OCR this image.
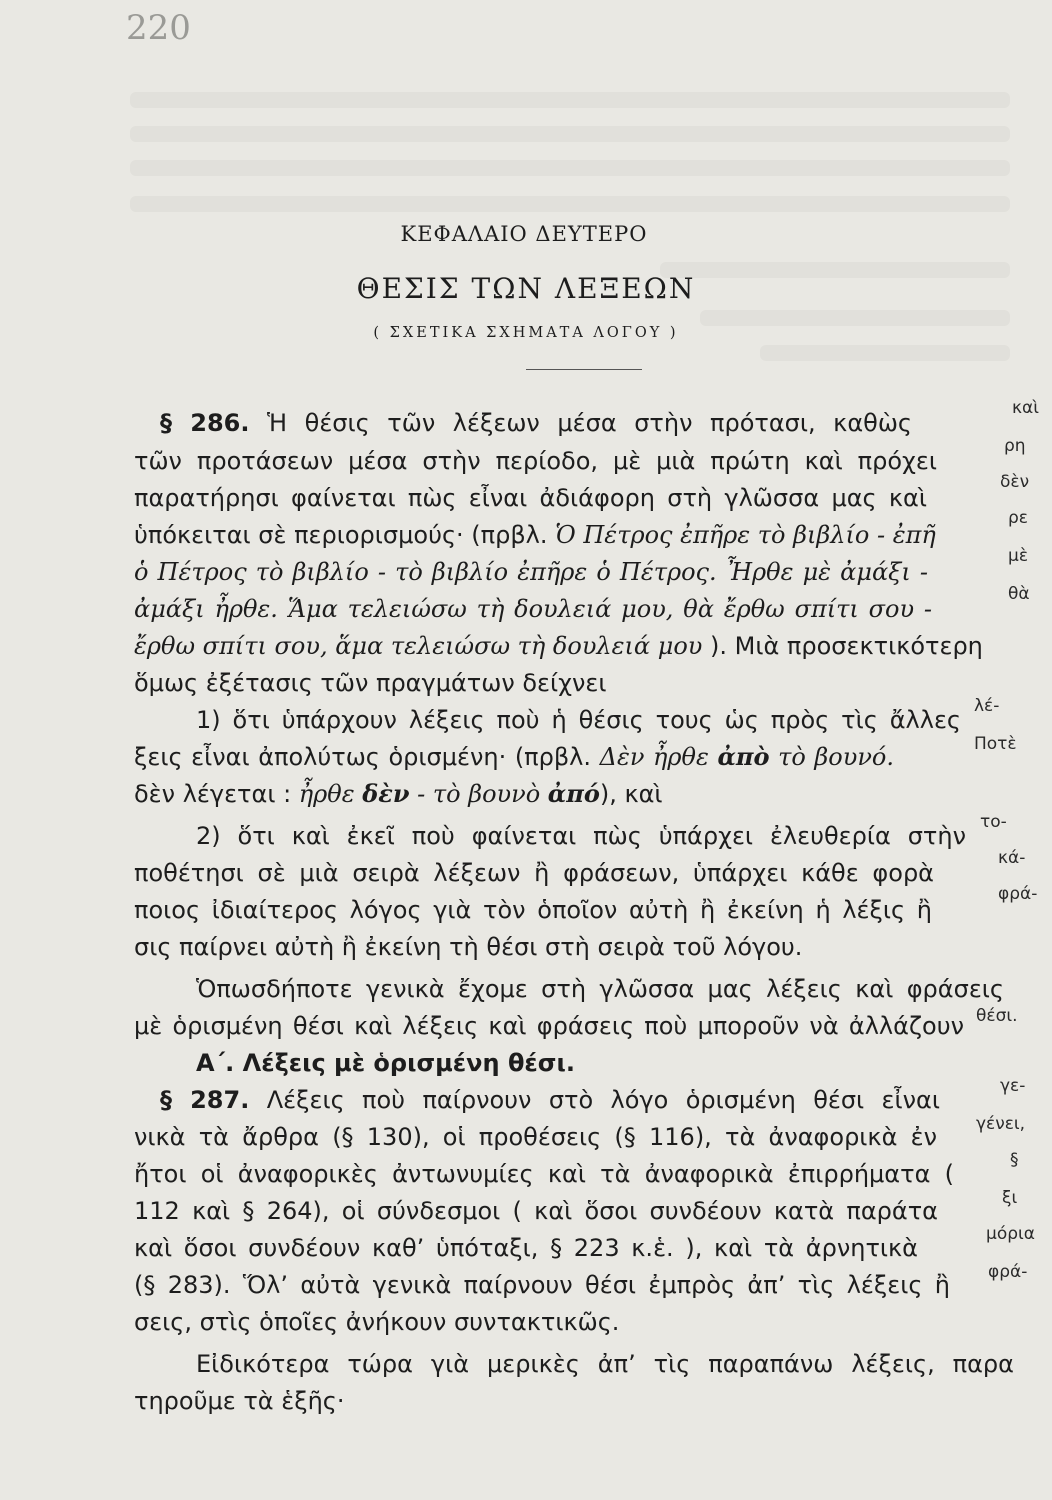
220
ΚΕΦΑΛΑΙΟ ΔΕΥΤΕΡΟ
ΘΕΣΙΣ ΤΩΝ ΛΕΞΕΩΝ
( ΣΧΕΤΙΚΑ ΣΧΗΜΑΤΑ ΛΟΓΟΥ )
§ 286. Ἡ θέσις τῶν λέξεων μέσα στὴν πρότασι, καθὼς
τῶν προτάσεων μέσα στὴν περίοδο, μὲ μιὰ πρώτη καὶ πρόχει
παρατήρησι φαίνεται πὼς εἶναι ἀδιάφορη στὴ γλῶσσα μας καὶ
ὑπόκειται σὲ περιορισμούς· (πρβλ. Ὁ Πέτρος ἐπῆρε τὸ βιβλίο - ἐπῆ
ὁ Πέτρος τὸ βιβλίο - τὸ βιβλίο ἐπῆρε ὁ Πέτρος. Ἦρθε μὲ ἀμάξι -
ἀμάξι ἦρθε. Ἅμα τελειώσω τὴ δουλειά μου, θὰ ἔρθω σπίτι σου -
ἔρθω σπίτι σου, ἅμα τελειώσω τὴ δουλειά μου ). Μιὰ προσεκτικότερη
ὅμως ἐξέτασις τῶν πραγμάτων δείχνει
1) ὅτι ὑπάρχουν λέξεις ποὺ ἡ θέσις τους ὡς πρὸς τὶς ἄλλες
ξεις εἶναι ἀπολύτως ὁρισμένη· (πρβλ. Δὲν ἦρθε ἀπὸ τὸ βουνό.
δὲν λέγεται : ἦρθε δὲν - τὸ βουνὸ ἀπό), καὶ
2) ὅτι καὶ ἐκεῖ ποὺ φαίνεται πὼς ὑπάρχει ἐλευθερία στὴν
ποθέτησι σὲ μιὰ σειρὰ λέξεων ἢ φράσεων, ὑπάρχει κάθε φορὰ
ποιος ἰδιαίτερος λόγος γιὰ τὸν ὁποῖον αὐτὴ ἢ ἐκείνη ἡ λέξις ἢ
σις παίρνει αὐτὴ ἢ ἐκείνη τὴ θέσι στὴ σειρὰ τοῦ λόγου.
Ὁπωσδήποτε γενικὰ ἔχομε στὴ γλῶσσα μας λέξεις καὶ φράσεις
μὲ ὁρισμένη θέσι καὶ λέξεις καὶ φράσεις ποὺ μποροῦν νὰ ἀλλάζουν
Α΄. Λέξεις μὲ ὁρισμένη θέσι.
§ 287. Λέξεις ποὺ παίρνουν στὸ λόγο ὁρισμένη θέσι εἶναι
νικὰ τὰ ἄρθρα (§ 130), οἱ προθέσεις (§ 116), τὰ ἀναφορικὰ ἐν
ἤτοι οἱ ἀναφορικὲς ἀντωνυμίες καὶ τὰ ἀναφορικὰ ἐπιρρήματα (
112 καὶ § 264), οἱ σύνδεσμοι ( καὶ ὅσοι συνδέουν κατὰ παράτα
καὶ ὅσοι συνδέουν καθ’ ὑπόταξι, § 223 κ.ἑ. ), καὶ τὰ ἀρνητικὰ
(§ 283). Ὅλ’ αὐτὰ γενικὰ παίρνουν θέσι ἐμπρὸς ἀπ’ τὶς λέξεις ἢ
σεις, στὶς ὁποῖες ἀνήκουν συντακτικῶς.
Εἰδικότερα τώρα γιὰ μερικὲς ἀπ’ τὶς παραπάνω λέξεις, παρα
τηροῦμε τὰ ἑξῆς·
καὶ
ρη
δὲν
ρε
μὲ
θὰ
λέ-
Ποτὲ
το-
κά-
φρά-
θέσι.
γε-
γένει,
§
ξι
μόρια
φρά-
